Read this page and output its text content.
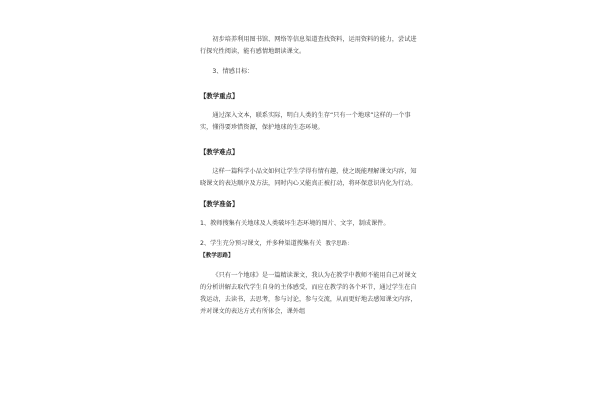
初步培养利用图书馆、网络等信息渠道查找资料，运用资料的能力，尝试进行探究性阅读，能有感情地朗读课文。

3、情感目标：

【教学重点】

通过深入文本，联系实际，明白人类的生存“只有一个地球”这样的一个事实，懂得要珍惜资源，保护地球的生态环境。

【教学难点】

这样一篇科学小品文如何让学生学得有情有趣，使之既能理解课文内容，知晓课文的表达顺序及方法，同时内心又能真正被打动，将环保意识内化为行动。

【教学准备】

1、教师搜集有关地球及人类破坏生态环境的图片、文字，制成课件。

2、学生充分预习课文，并多种渠道搜集有关 教学思路：

【教学思路】

《只有一个地球》是一篇精读课文，我认为在教学中教师不能用自己对课文的分析讲解去取代学生自身的主体感受，而应在教学的各个环节，通过学生在自我运动，去读书，去思考，参与讨论，参与交流，从而更好地去感知课文内容，并对课文的表达方式有所体会，课外组
